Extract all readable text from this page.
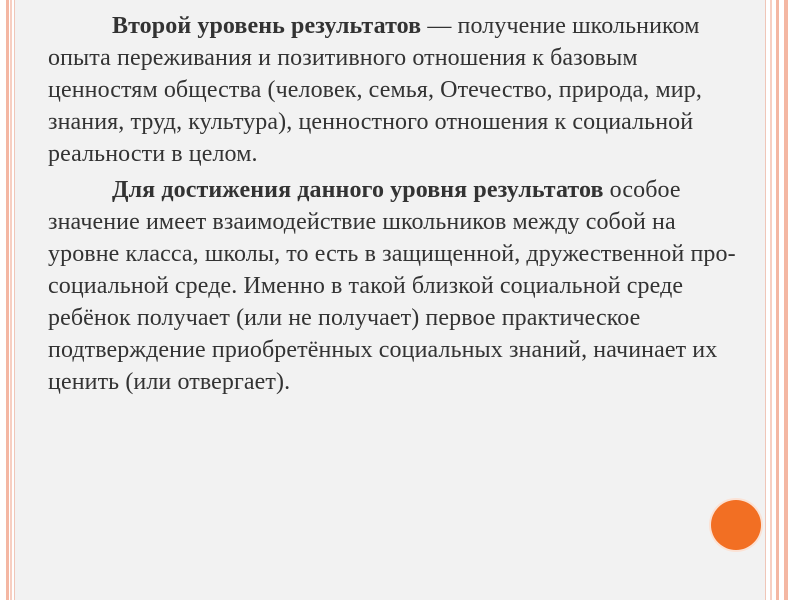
Второй уровень результатов — получение школьником опыта переживания и позитивного отношения к базовым ценностям общества (человек, семья, Отечество, природа, мир, знания, труд, культура), ценностного отношения к социальной реальности в целом.

Для достижения данного уровня результатов особое значение имеет взаимодействие школьников между собой на уровне класса, школы, то есть в защищенной, дружественной про-социальной среде. Именно в такой близкой социальной среде ребёнок получает (или не получает) первое практическое подтверждение приобретённых социальных знаний, начинает их ценить (или отвергает).
